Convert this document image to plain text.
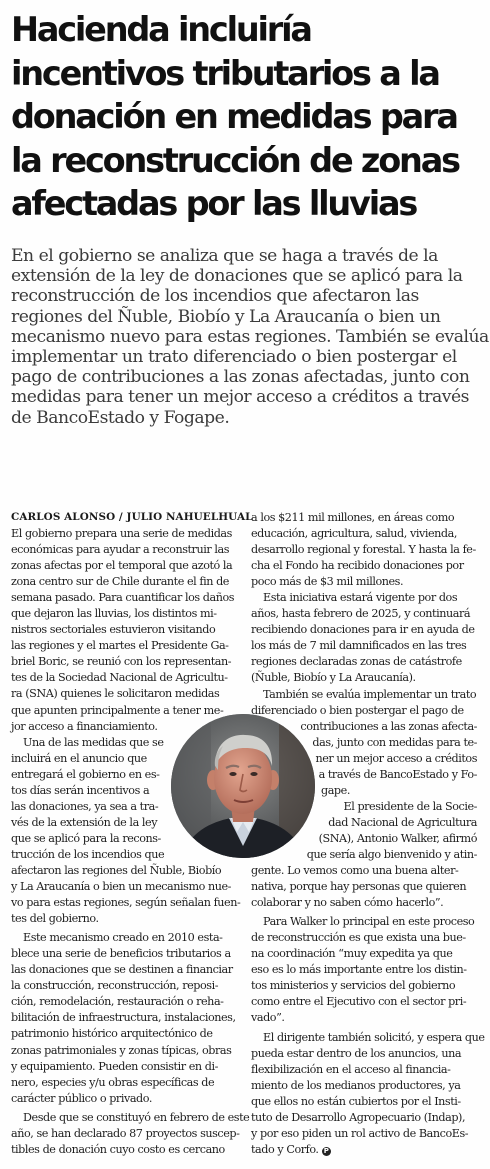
Hacienda incluiría
incentivos tributarios a la
donación en medidas para
la reconstrucción de zonas
afectadas por las lluvias

En el gobierno se analiza que se haga a través de la
extensión de la ley de donaciones que se aplicó para la
reconstrucción de los incendios que afectaron las
regiones del Ñuble, Biobío y La Araucanía o bien un
mecanismo nuevo para estas regiones. También se evalúa
implementar un trato diferenciado o bien postergar el
pago de contribuciones a las zonas afectadas, junto con
medidas para tener un mejor acceso a créditos a través
de BancoEstado y Fogape.

CARLOS ALONSO / JULIO NAHUELHUAL
El gobierno prepara una serie de medidas
económicas para ayudar a reconstruir las
zonas afectas por el temporal que azotó la
zona centro sur de Chile durante el fin de
semana pasado. Para cuantificar los daños
que dejaron las lluvias, los distintos mi-
nistros sectoriales estuvieron visitando
las regiones y el martes el Presidente Ga-
briel Boric, se reunió con los representan-
tes de la Sociedad Nacional de Agricultu-
ra (SNA) quienes le solicitaron medidas
que apunten principalmente a tener me-
jor acceso a financiamiento.
Una de las medidas que se
incluirá en el anuncio que
entregará el gobierno en es-
tos días serán incentivos a
las donaciones, ya sea a tra-
vés de la extensión de la ley
que se aplicó para la recons-
trucción de los incendios que
afectaron las regiones del Ñuble, Biobío
y La Araucanía o bien un mecanismo nue-
vo para estas regiones, según señalan fuen-
tes del gobierno.
Este mecanismo creado en 2010 esta-
blece una serie de beneficios tributarios a
las donaciones que se destinen a financiar
la construcción, reconstrucción, reposi-
ción, remodelación, restauración o reha-
bilitación de infraestructura, instalaciones,
patrimonio histórico arquitectónico de
zonas patrimoniales y zonas típicas, obras
y equipamiento. Pueden consistir en di-
nero, especies y/u obras específicas de
carácter público o privado.
Desde que se constituyó en febrero de este
año, se han declarado 87 proyectos suscep-
tibles de donación cuyo costo es cercano
a los $211 mil millones, en áreas como
educación, agricultura, salud, vivienda,
desarrollo regional y forestal. Y hasta la fe-
cha el Fondo ha recibido donaciones por
poco más de $3 mil millones.
Esta iniciativa estará vigente por dos
años, hasta febrero de 2025, y continuará
recibiendo donaciones para ir en ayuda de
los más de 7 mil damnificados en las tres
regiones declaradas zonas de catástrofe
(Ñuble, Biobío y La Araucanía).
También se evalúa implementar un trato
diferenciado o bien postergar el pago de
contribuciones a las zonas afecta-
das, junto con medidas para te-
ner un mejor acceso a créditos
a través de BancoEstado y Fo-
gape.
El presidente de la Socie-
dad Nacional de Agricultura
(SNA), Antonio Walker, afirmó
que sería algo bienvenido y atin-
gente. Lo vemos como una buena alter-
nativa, porque hay personas que quieren
colaborar y no saben cómo hacerlo”.
Para Walker lo principal en este proceso
de reconstrucción es que exista una bue-
na coordinación “muy expedita ya que
eso es lo más importante entre los distin-
tos ministerios y servicios del gobierno
como entre el Ejecutivo con el sector pri-
vado”.
El dirigente también solicitó, y espera que
pueda estar dentro de los anuncios, una
flexibilización en el acceso al financia-
miento de los medianos productores, ya
que ellos no están cubiertos por el Insti-
tuto de Desarrollo Agropecuario (Indap),
y por eso piden un rol activo de BancoEs-
tado y Corfo. P
